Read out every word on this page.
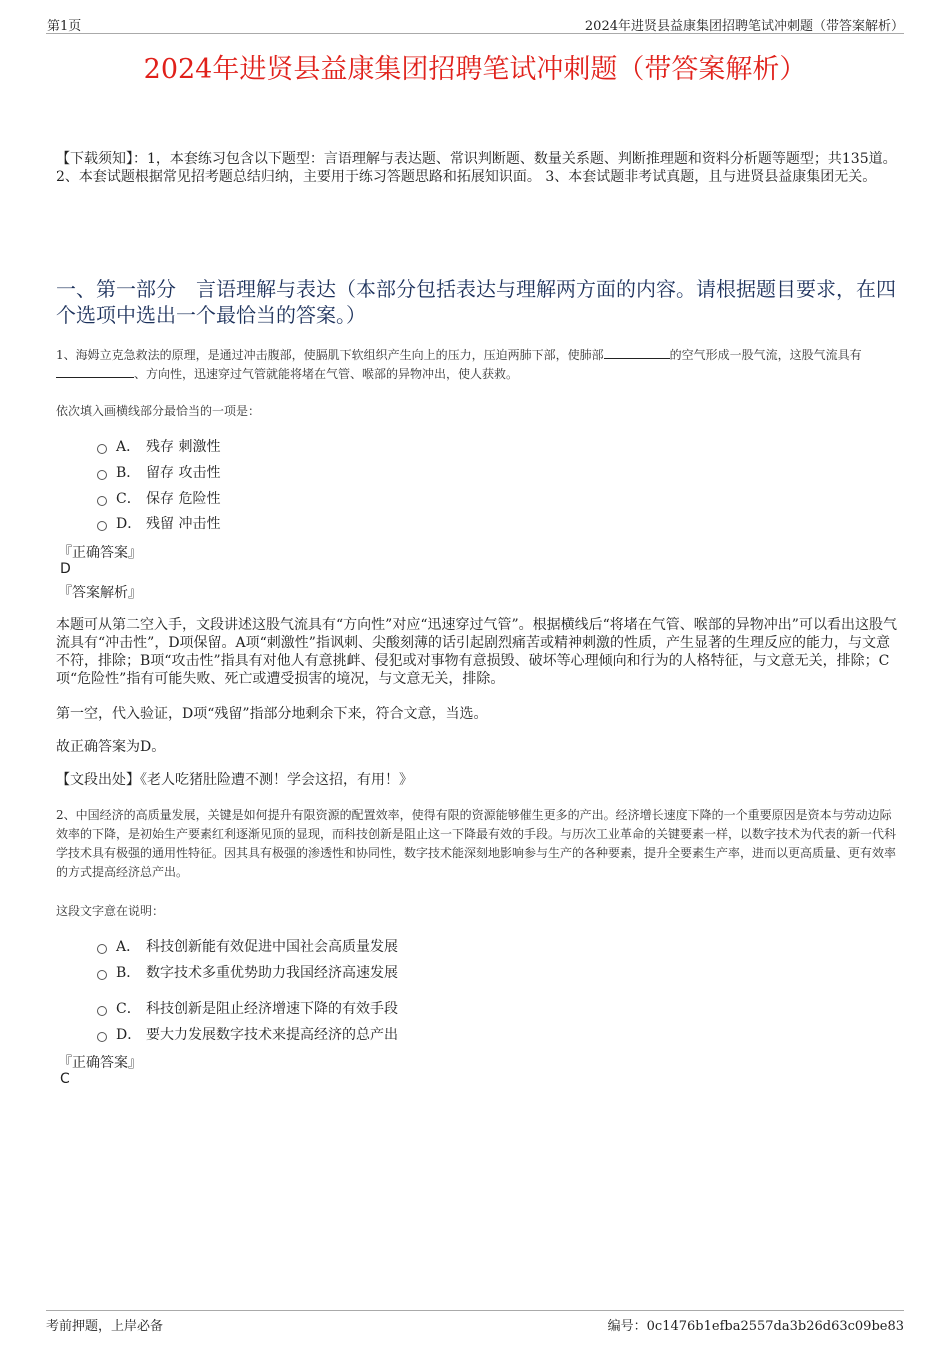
第1页	2024年进贤县益康集团招聘笔试冲刺题（带答案解析）
2024年进贤县益康集团招聘笔试冲刺题（带答案解析）
【下载须知】：1，本套练习包含以下题型：言语理解与表达题、常识判断题、数量关系题、判断推理题和资料分析题等题型；共135道。 2、本套试题根据常见招考题总结归纳，主要用于练习答题思路和拓展知识面。 3、本套试题非考试真题，且与进贤县益康集团无关。
一、第一部分　言语理解与表达（本部分包括表达与理解两方面的内容。请根据题目要求，在四个选项中选出一个最恰当的答案。）
1、海姆立克急救法的原理，是通过冲击腹部，使膈肌下软组织产生向上的压力，压迫两肺下部，使肺部	的空气形成一股气流，这股气流具有、方向性，迅速穿过气管就能将堵在气管、喉部的异物冲出，使人获救。
依次填入画横线部分最恰当的一项是：
A． 残存 刺激性
B． 留存 攻击性
C． 保存 危险性
D． 残留 冲击性
『正确答案』
D
『答案解析』
本题可从第二空入手，文段讲述这股气流具有“方向性”对应“迅速穿过气管”。根据横线后“将堵在气管、喉部的异物冲出”可以看出这股气流具有“冲击性”，D项保留。A项“刺激性”指讽刺、尖酸刻薄的话引起剧烈痛苦或精神刺激的性质，产生显著的生理反应的能力，与文意不符，排除；B项“攻击性”指具有对他人有意挑衅、侵犯或对事物有意损毁、破坏等心理倾向和行为的人格特征，与文意无关，排除；C项“危险性”指有可能失败、死亡或遭受损害的境况，与文意无关，排除。
第一空，代入验证，D项“残留”指部分地剩余下来，符合文意，当选。
故正确答案为D。
【文段出处】《老人吃猪肚险遭不测！学会这招，有用！》
2、中国经济的高质量发展，关键是如何提升有限资源的配置效率，使得有限的资源能够催生更多的产出。经济增长速度下降的一个重要原因是资本与劳动边际效率的下降，是初始生产要素红利逐渐见顶的显现，而科技创新是阻止这一下降最有效的手段。与历次工业革命的关键要素一样，以数字技术为代表的新一代科学技术具有极强的通用性特征。因其具有极强的渗透性和协同性，数字技术能深刻地影响参与生产的各种要素，提升全要素生产率，进而以更高质量、更有效率的方式提高经济总产出。
这段文字意在说明：
A． 科技创新能有效促进中国社会高质量发展
B． 数字技术多重优势助力我国经济高速发展
C． 科技创新是阻止经济增速下降的有效手段
D． 要大力发展数字技术来提高经济的总产出
『正确答案』
C
考前押题，上岸必备	编号：0c1476b1efba2557da3b26d63c09be83
